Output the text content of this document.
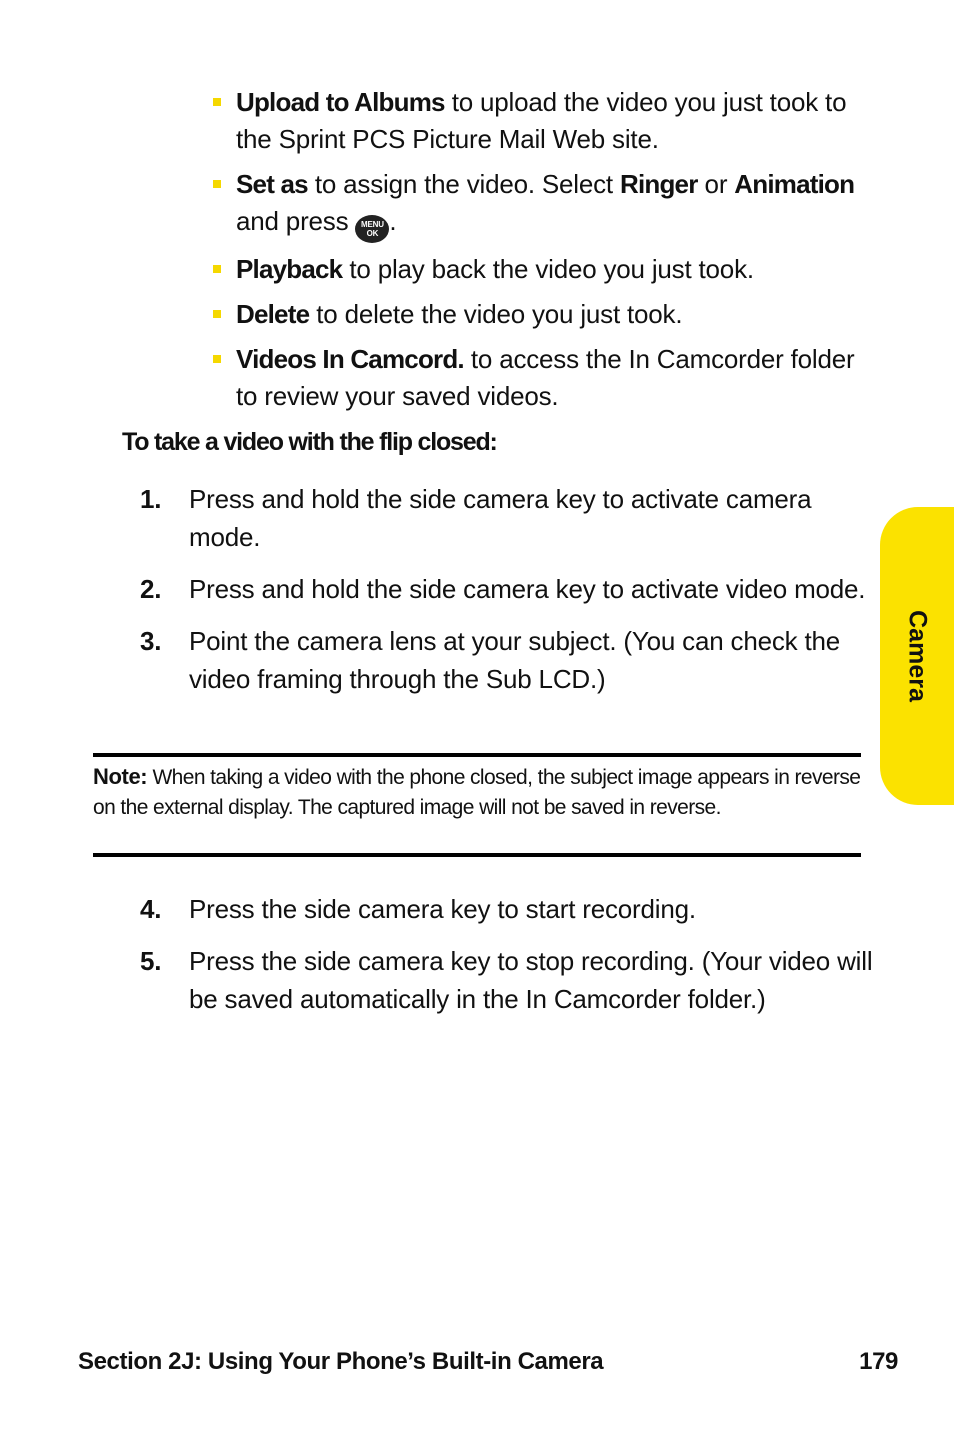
Upload to Albums to upload the video you just took to the Sprint PCS Picture Mail Web site.
Set as to assign the video. Select Ringer or Animation
and press MENU
OK .
Playback to play back the video you just took.
Delete to delete the video you just took.
Videos In Camcord. to access the In Camcorder folder to review your saved videos.
To take a video with the flip closed:
1. Press and hold the side camera key to activate camera mode.
2. Press and hold the side camera key to activate video mode.
3. Point the camera lens at your subject. (You can check the video framing through the Sub LCD.)
Note: When taking a video with the phone closed, the subject image appears in reverse on the external display. The captured image will not be saved in reverse.
4. Press the side camera key to start recording.
5. Press the side camera key to stop recording. (Your video will be saved automatically in the In Camcorder folder.)
Camera
Section 2J: Using Your Phone’s Built-in Camera	179
